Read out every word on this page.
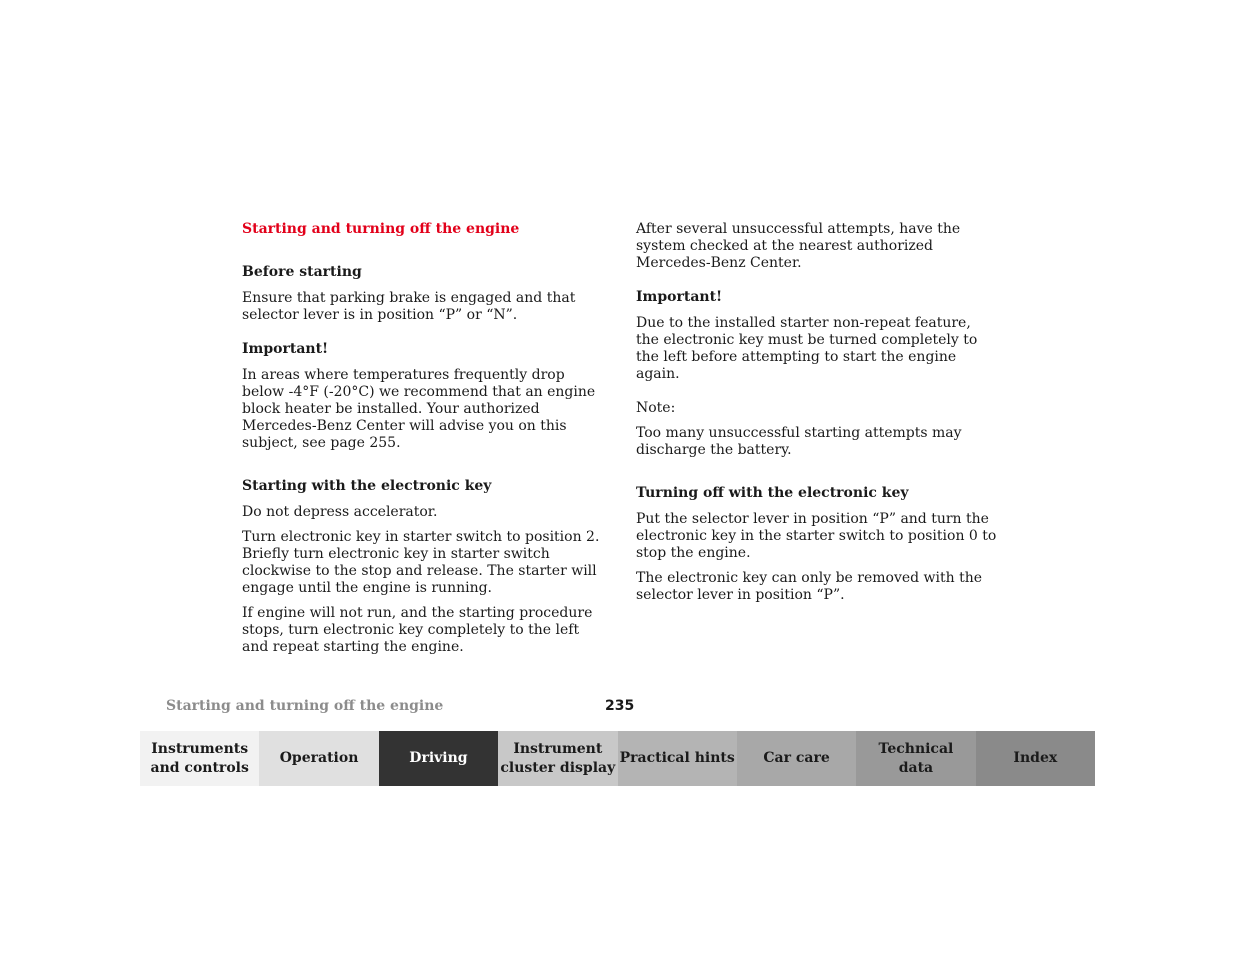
Starting and turning off the engine
Before starting

Ensure that parking brake is engaged and that selector lever is in position “P” or “N”.

Important!

In areas where temperatures frequently drop below -4°F (-20°C) we recommend that an engine block heater be installed. Your authorized Mercedes-Benz Center will advise you on this subject, see page 255.

Starting with the electronic key

Do not depress accelerator.

Turn electronic key in starter switch to position 2. Briefly turn electronic key in starter switch clockwise to the stop and release. The starter will engage until the engine is running.

If engine will not run, and the starting procedure stops, turn electronic key completely to the left and repeat starting the engine.

After several unsuccessful attempts, have the system checked at the nearest authorized Mercedes-Benz Center.

Important!

Due to the installed starter non-repeat feature, the electronic key must be turned completely to the left before attempting to start the engine again.

Note:

Too many unsuccessful starting attempts may discharge the battery.

Turning off with the electronic key

Put the selector lever in position “P” and turn the electronic key in the starter switch to position 0 to stop the engine.

The electronic key can only be removed with the selector lever in position “P”.

Starting and turning off the engine	235
Instruments
and controls
Operation	Driving
Instrument
cluster display
Practical hints Car care
Technical
data
Index
